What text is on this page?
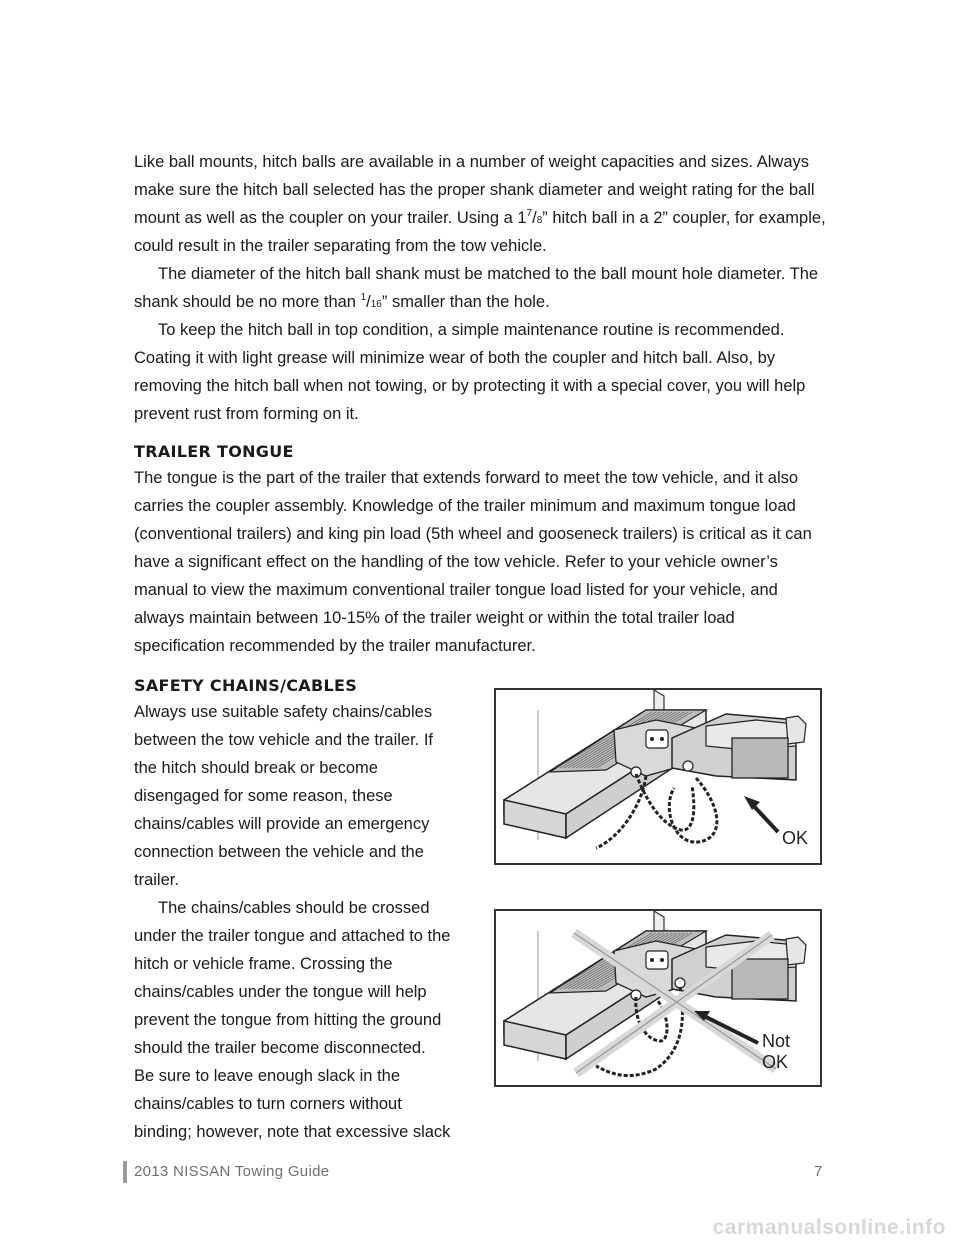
Like ball mounts, hitch balls are available in a number of weight capacities and sizes. Always
make sure the hitch ball selected has the proper shank diameter and weight rating for the ball
mount as well as the coupler on your trailer. Using a $1^7/8$” hitch ball in a 2” coupler, for example,
could result in the trailer separating from the tow vehicle.
The diameter of the hitch ball shank must be matched to the ball mount hole diameter. The
shank should be no more than $^1$/16” smaller than the hole.
To keep the hitch ball in top condition, a simple maintenance routine is recommended.
Coating it with light grease will minimize wear of both the coupler and hitch ball. Also, by
removing the hitch ball when not towing, or by protecting it with a special cover, you will help
prevent rust from forming on it.
TRAILER TONGUE
The tongue is the part of the trailer that extends forward to meet the tow vehicle, and it also
carries the coupler assembly. Knowledge of the trailer minimum and maximum tongue load
(conventional trailers) and king pin load (5th wheel and gooseneck trailers) is critical as it can
have a significant effect on the handling of the tow vehicle. Refer to your vehicle owner’s
manual to view the maximum conventional trailer tongue load listed for your vehicle, and
always maintain between 10-15% of the trailer weight or within the total trailer load
specification recommended by the trailer manufacturer.
SAFETY CHAINS/CABLES
Always use suitable safety chains/cables
between the tow vehicle and the trailer. If
the hitch should break or become
disengaged for some reason, these
chains/cables will provide an emergency
connection between the vehicle and the
trailer.
The chains/cables should be crossed
under the trailer tongue and attached to the
hitch or vehicle frame. Crossing the
chains/cables under the tongue will help
prevent the tongue from hitting the ground
should the trailer become disconnected.
Be sure to leave enough slack in the
chains/cables to turn corners without
binding; however, note that excessive slack
OK
Not OK
2013 NISSAN Towing Guide	7
carmanualsonline.info
